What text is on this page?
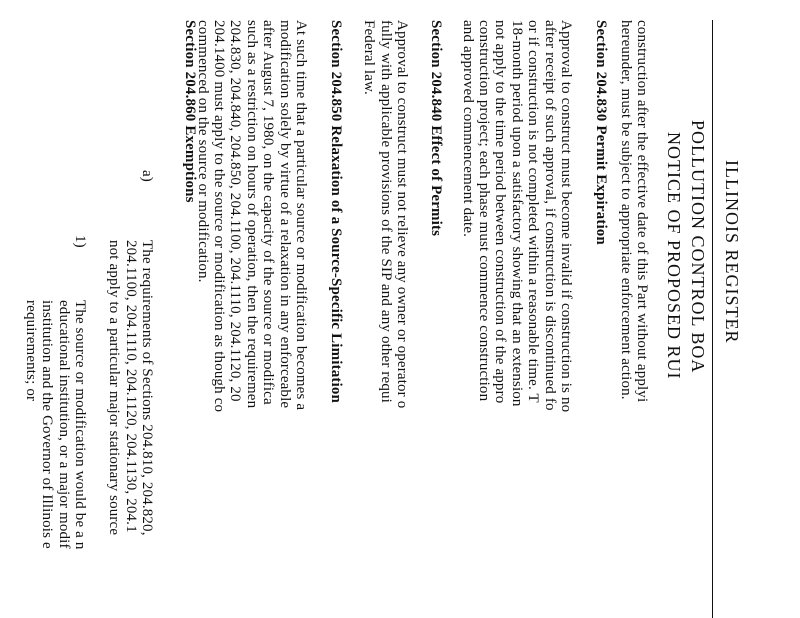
ILLINOIS REGISTER
POLLUTION CONTROL BOA
NOTICE OF PROPOSED RUI
construction after the effective date of this Part without applyi
hereunder, must be subject to appropriate enforcement action.
Section 204.830 Permit Expiration
Approval to construct must become invalid if construction is no
after receipt of such approval, if construction is discontinued fo
or if construction is not completed within a reasonable time. T
18-month period upon a satisfactory showing that an extension
not apply to the time period between construction of the appro
construction project; each phase must commence construction
and approved commencement date.
Section 204.840 Effect of Permits
Approval to construct must not relieve any owner or operator o
fully with applicable provisions of the SIP and any other requi
Federal law.
Section 204.850 Relaxation of a Source-Specific Limitation
At such time that a particular source or modification becomes a
modification solely by virtue of a relaxation in any enforceable
after August 7, 1980, on the capacity of the source or modifica
such as a restriction on hours of operation, then the requiremen
204.830, 204.840, 204.850, 204.1100, 204.1110, 204.1120, 20
204.1400 must apply to the source or modification as though co
commenced on the source or modification.
Section 204.860 Exemptions
a)
The requirements of Sections 204.810, 204.820,
204.1100, 204.1110, 204.1120, 204.1130, 204.1
not apply to a particular major stationary source
1)
The source or modification would be a n
educational institution, or a major modif
institution and the Governor of Illinois e
requirements; or
